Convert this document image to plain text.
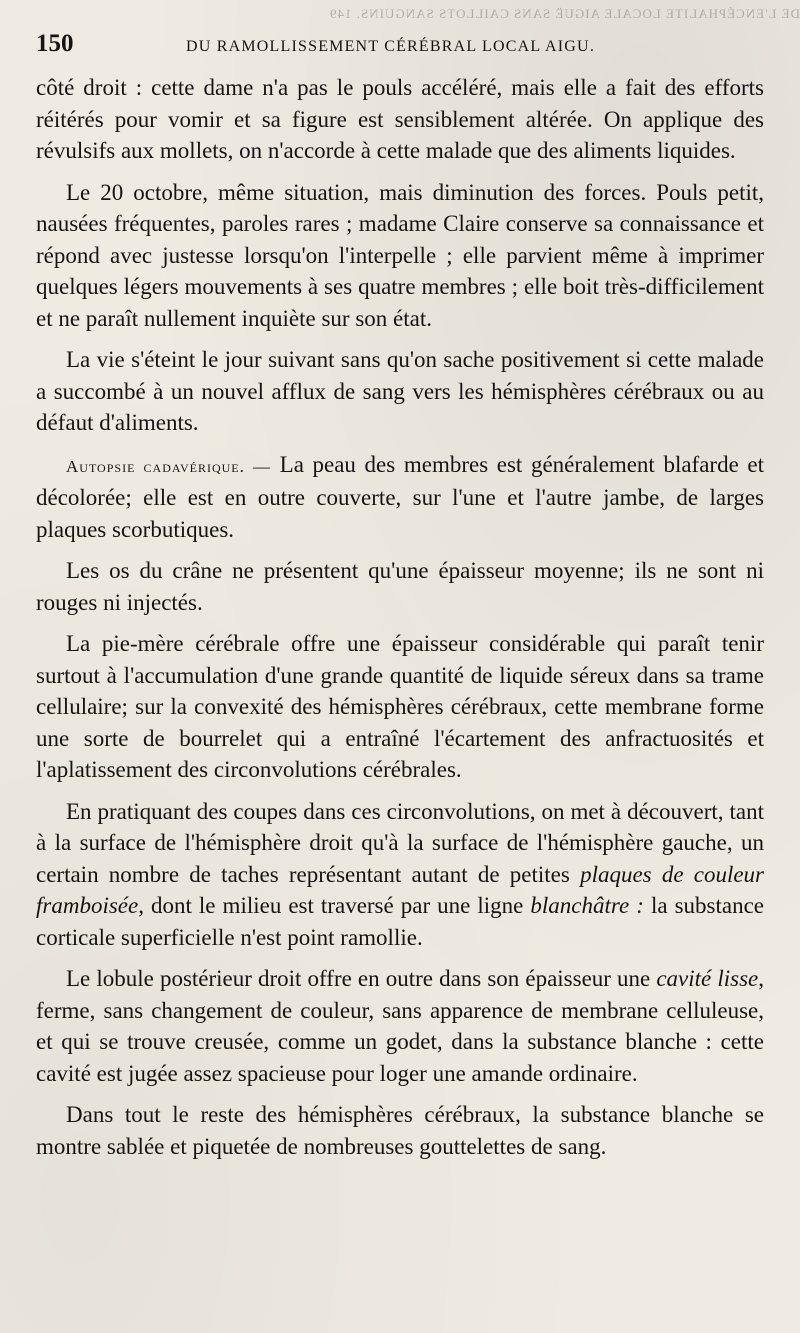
DE L'ENCÉPHALITE LOCALE AIGUË SANS CAILLOTS SANGUINS. 149
150	DU RAMOLLISSEMENT CÉRÉBRAL LOCAL AIGU.

côté droit : cette dame n'a pas le pouls accéléré, mais elle a fait des efforts réitérés pour vomir et sa figure est sensiblement altérée. On applique des révulsifs aux mollets, on n'accorde à cette malade que des aliments liquides.

Le 20 octobre, même situation, mais diminution des forces. Pouls petit, nausées fréquentes, paroles rares ; madame Claire conserve sa connaissance et répond avec justesse lorsqu'on l'interpelle ; elle parvient même à imprimer quelques légers mouvements à ses quatre membres ; elle boit très-difficilement et ne paraît nullement inquiète sur son état.

La vie s'éteint le jour suivant sans qu'on sache positivement si cette malade a succombé à un nouvel afflux de sang vers les hémisphères cérébraux ou au défaut d'aliments.

Autopsie cadavérique. — La peau des membres est généralement blafarde et décolorée; elle est en outre couverte, sur l'une et l'autre jambe, de larges plaques scorbutiques.

Les os du crâne ne présentent qu'une épaisseur moyenne; ils ne sont ni rouges ni injectés.

La pie-mère cérébrale offre une épaisseur considérable qui paraît tenir surtout à l'accumulation d'une grande quantité de liquide séreux dans sa trame cellulaire; sur la convexité des hémisphères cérébraux, cette membrane forme une sorte de bourrelet qui a entraîné l'écartement des anfractuosités et l'aplatissement des circonvolutions cérébrales.

En pratiquant des coupes dans ces circonvolutions, on met à découvert, tant à la surface de l'hémisphère droit qu'à la surface de l'hémisphère gauche, un certain nombre de taches représentant autant de petites plaques de couleur framboisée, dont le milieu est traversé par une ligne blanchâtre : la substance corticale superficielle n'est point ramollie.

Le lobule postérieur droit offre en outre dans son épaisseur une cavité lisse, ferme, sans changement de couleur, sans apparence de membrane celluleuse, et qui se trouve creusée, comme un godet, dans la substance blanche : cette cavité est jugée assez spacieuse pour loger une amande ordinaire.

Dans tout le reste des hémisphères cérébraux, la substance blanche se montre sablée et piquetée de nombreuses gouttelettes de sang.
